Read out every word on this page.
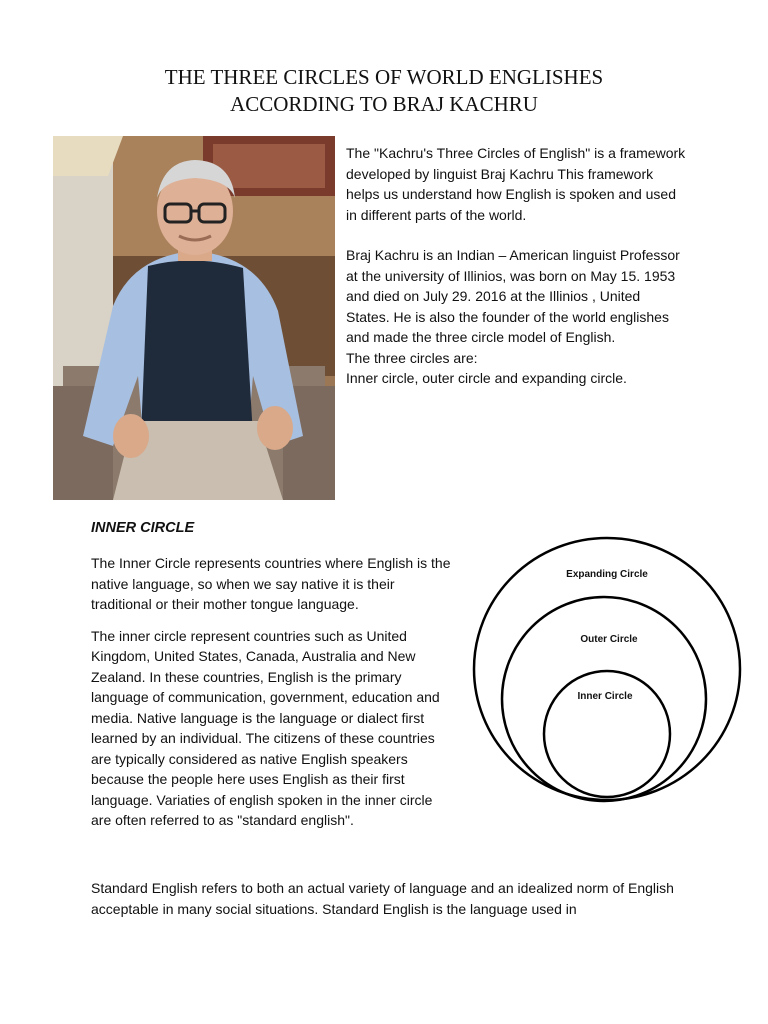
THE THREE CIRCLES OF WORLD ENGLISHES
ACCORDING TO BRAJ KACHRU

The "Kachru's Three Circles of English" is a framework developed by linguist Braj Kachru This framework helps us understand how English is spoken and used in different parts of the world.

Braj Kachru is an Indian – American linguist Professor at the university of Illinios, was born on May 15. 1953 and died on July 29. 2016 at the Illinios , United States. He is also the founder of the world englishes and made the three circle model of English.

The three circles are:

Inner circle, outer circle and expanding circle.

INNER CIRCLE

The Inner Circle represents countries where English is the native language, so when we say native it is their traditional or their mother tongue language.

The inner circle represent countries such as United Kingdom, United States, Canada, Australia and New Zealand. In these countries, English is the primary language of communication, government, education and media. Native language is the language or dialect first learned by an individual. The citizens of these countries are typically considered as native English speakers because the people here uses English as their first language. Variaties of english spoken in the inner circle are often referred to as "standard english".

Expanding Circle
Outer Circle
Inner Circle

Standard English refers to both an actual variety of language and an idealized norm of English acceptable in many social situations. Standard English is the language used in
